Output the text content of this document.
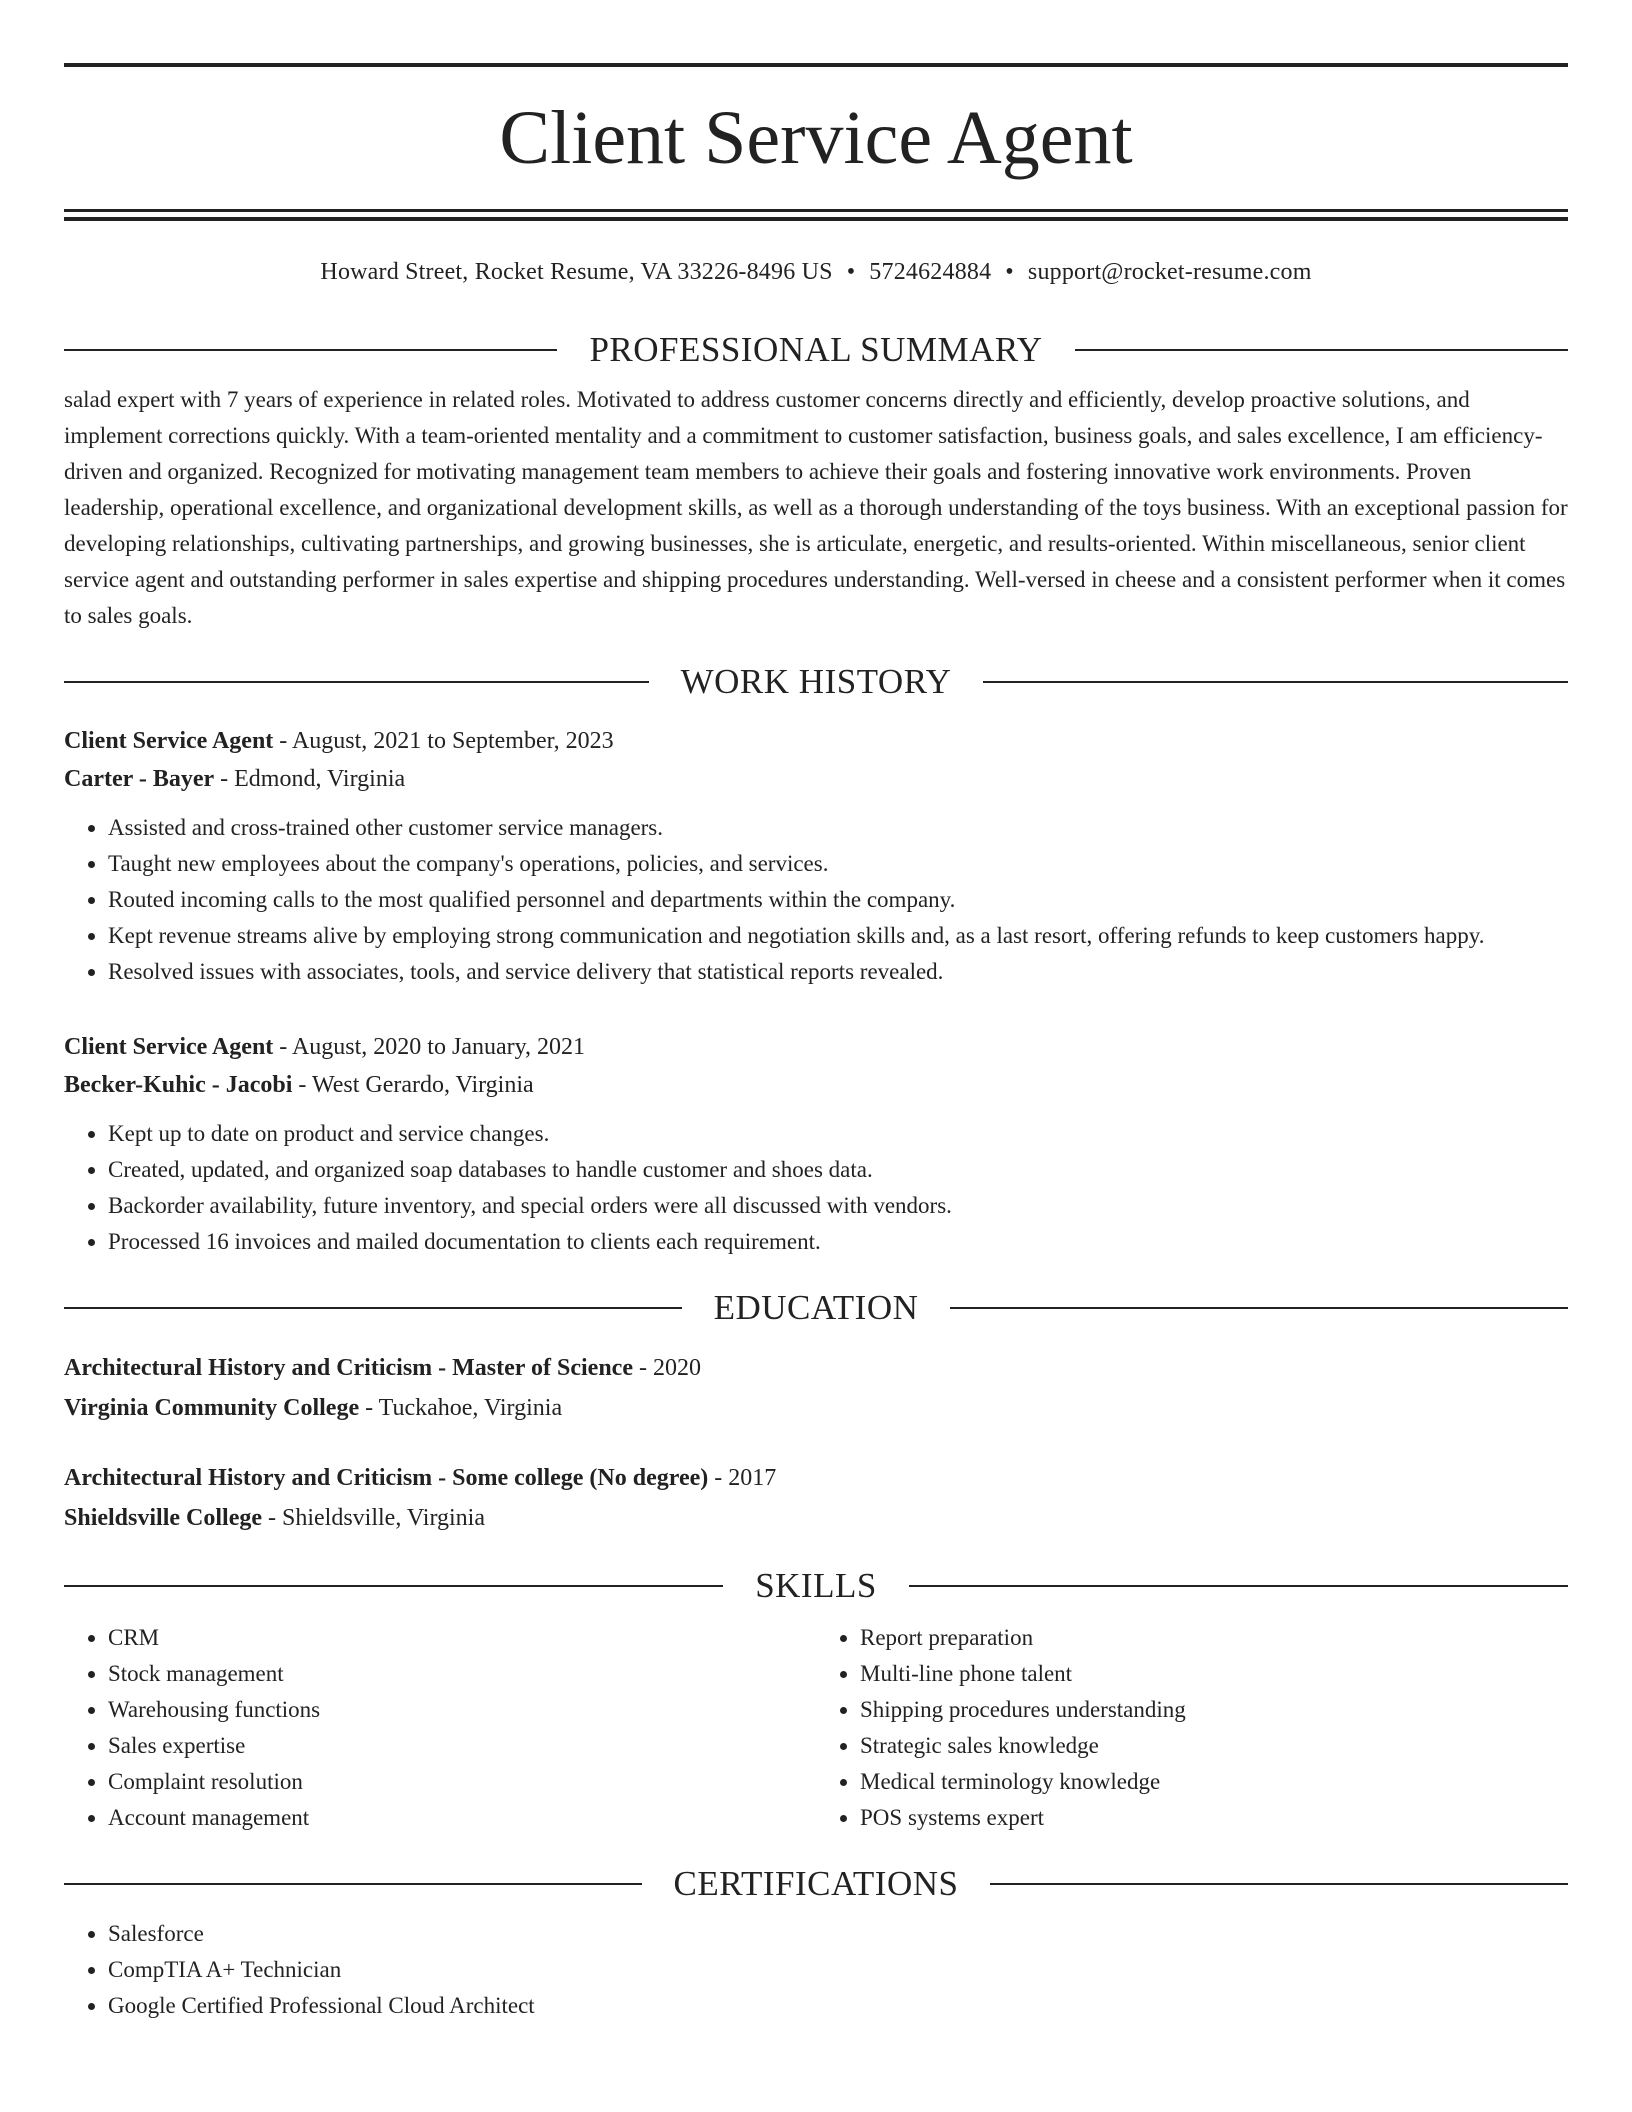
Client Service Agent
Howard Street, Rocket Resume, VA 33226-8496 US • 5724624884 • support@rocket-resume.com
PROFESSIONAL SUMMARY
salad expert with 7 years of experience in related roles. Motivated to address customer concerns directly and efficiently, develop proactive solutions, and implement corrections quickly. With a team-oriented mentality and a commitment to customer satisfaction, business goals, and sales excellence, I am efficiency-driven and organized. Recognized for motivating management team members to achieve their goals and fostering innovative work environments. Proven leadership, operational excellence, and organizational development skills, as well as a thorough understanding of the toys business. With an exceptional passion for developing relationships, cultivating partnerships, and growing businesses, she is articulate, energetic, and results-oriented. Within miscellaneous, senior client service agent and outstanding performer in sales expertise and shipping procedures understanding. Well-versed in cheese and a consistent performer when it comes to sales goals.
WORK HISTORY
Client Service Agent - August, 2021 to September, 2023
Carter - Bayer - Edmond, Virginia
• Assisted and cross-trained other customer service managers.
• Taught new employees about the company's operations, policies, and services.
• Routed incoming calls to the most qualified personnel and departments within the company.
• Kept revenue streams alive by employing strong communication and negotiation skills and, as a last resort, offering refunds to keep customers happy.
• Resolved issues with associates, tools, and service delivery that statistical reports revealed.
Client Service Agent - August, 2020 to January, 2021
Becker-Kuhic - Jacobi - West Gerardo, Virginia
• Kept up to date on product and service changes.
• Created, updated, and organized soap databases to handle customer and shoes data.
• Backorder availability, future inventory, and special orders were all discussed with vendors.
• Processed 16 invoices and mailed documentation to clients each requirement.
EDUCATION
Architectural History and Criticism - Master of Science - 2020
Virginia Community College - Tuckahoe, Virginia
Architectural History and Criticism - Some college (No degree) - 2017
Shieldsville College - Shieldsville, Virginia
SKILLS
• CRM
• Stock management
• Warehousing functions
• Sales expertise
• Complaint resolution
• Account management
• Report preparation
• Multi-line phone talent
• Shipping procedures understanding
• Strategic sales knowledge
• Medical terminology knowledge
• POS systems expert
CERTIFICATIONS
• Salesforce
• CompTIA A+ Technician
• Google Certified Professional Cloud Architect
